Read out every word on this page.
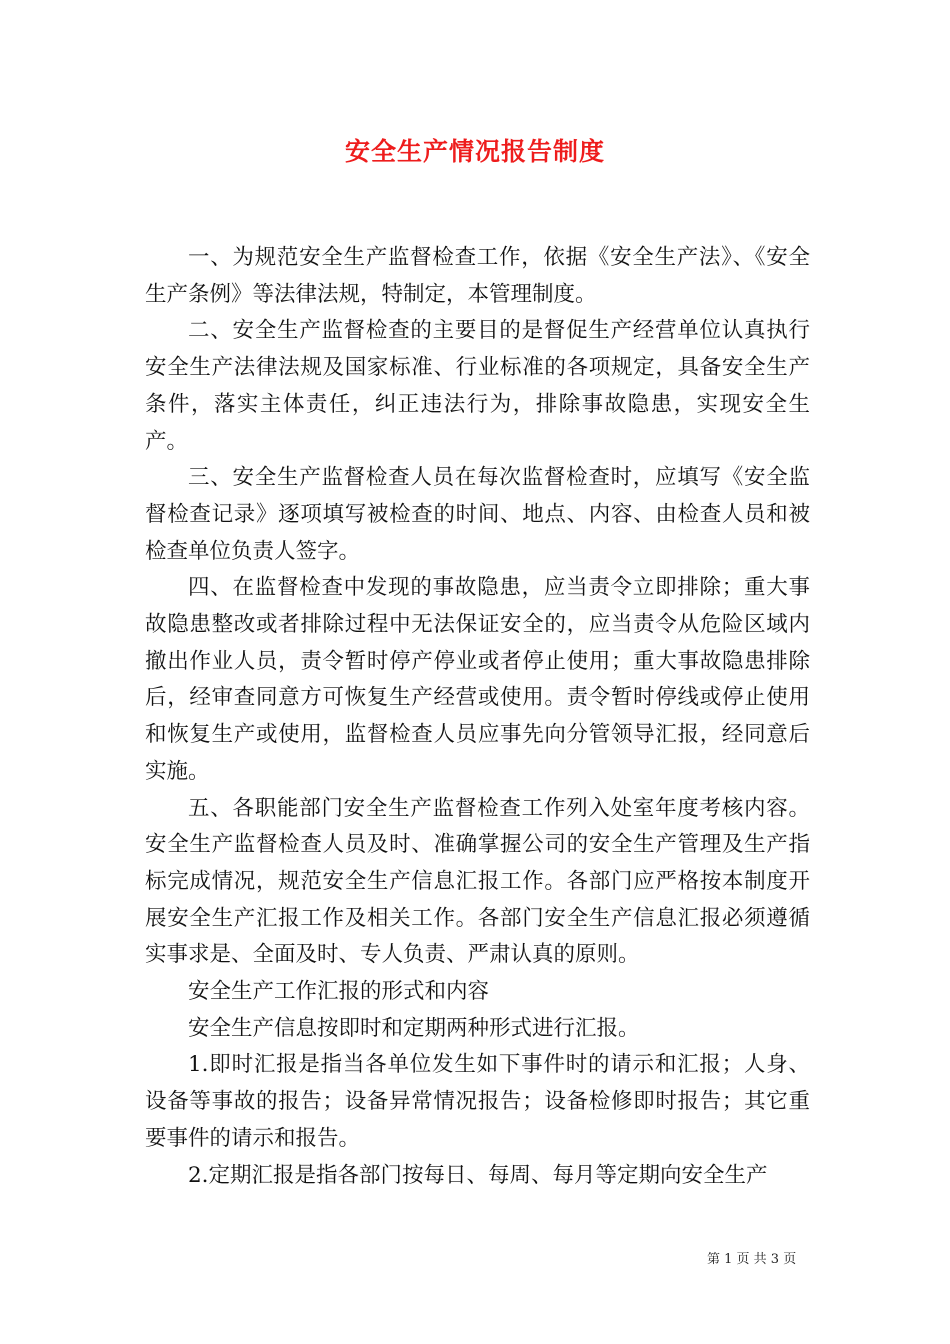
安全生产情况报告制度

一、为规范安全生产监督检查工作，依据《安全生产法》、《安全生产条例》等法律法规，特制定，本管理制度。

二、安全生产监督检查的主要目的是督促生产经营单位认真执行安全生产法律法规及国家标准、行业标准的各项规定，具备安全生产条件，落实主体责任，纠正违法行为，排除事故隐患，实现安全生产。

三、安全生产监督检查人员在每次监督检查时，应填写《安全监督检查记录》逐项填写被检查的时间、地点、内容、由检查人员和被检查单位负责人签字。

四、在监督检查中发现的事故隐患，应当责令立即排除；重大事故隐患整改或者排除过程中无法保证安全的，应当责令从危险区域内撤出作业人员，责令暂时停产停业或者停止使用；重大事故隐患排除后，经审查同意方可恢复生产经营或使用。责令暂时停线或停止使用和恢复生产或使用，监督检查人员应事先向分管领导汇报，经同意后实施。

五、各职能部门安全生产监督检查工作列入处室年度考核内容。安全生产监督检查人员及时、准确掌握公司的安全生产管理及生产指标完成情况，规范安全生产信息汇报工作。各部门应严格按本制度开展安全生产汇报工作及相关工作。各部门安全生产信息汇报必须遵循实事求是、全面及时、专人负责、严肃认真的原则。

安全生产工作汇报的形式和内容

安全生产信息按即时和定期两种形式进行汇报。

1.即时汇报是指当各单位发生如下事件时的请示和汇报；人身、设备等事故的报告；设备异常情况报告；设备检修即时报告；其它重要事件的请示和报告。

2.定期汇报是指各部门按每日、每周、每月等定期向安全生产

第 1 页 共 3 页
